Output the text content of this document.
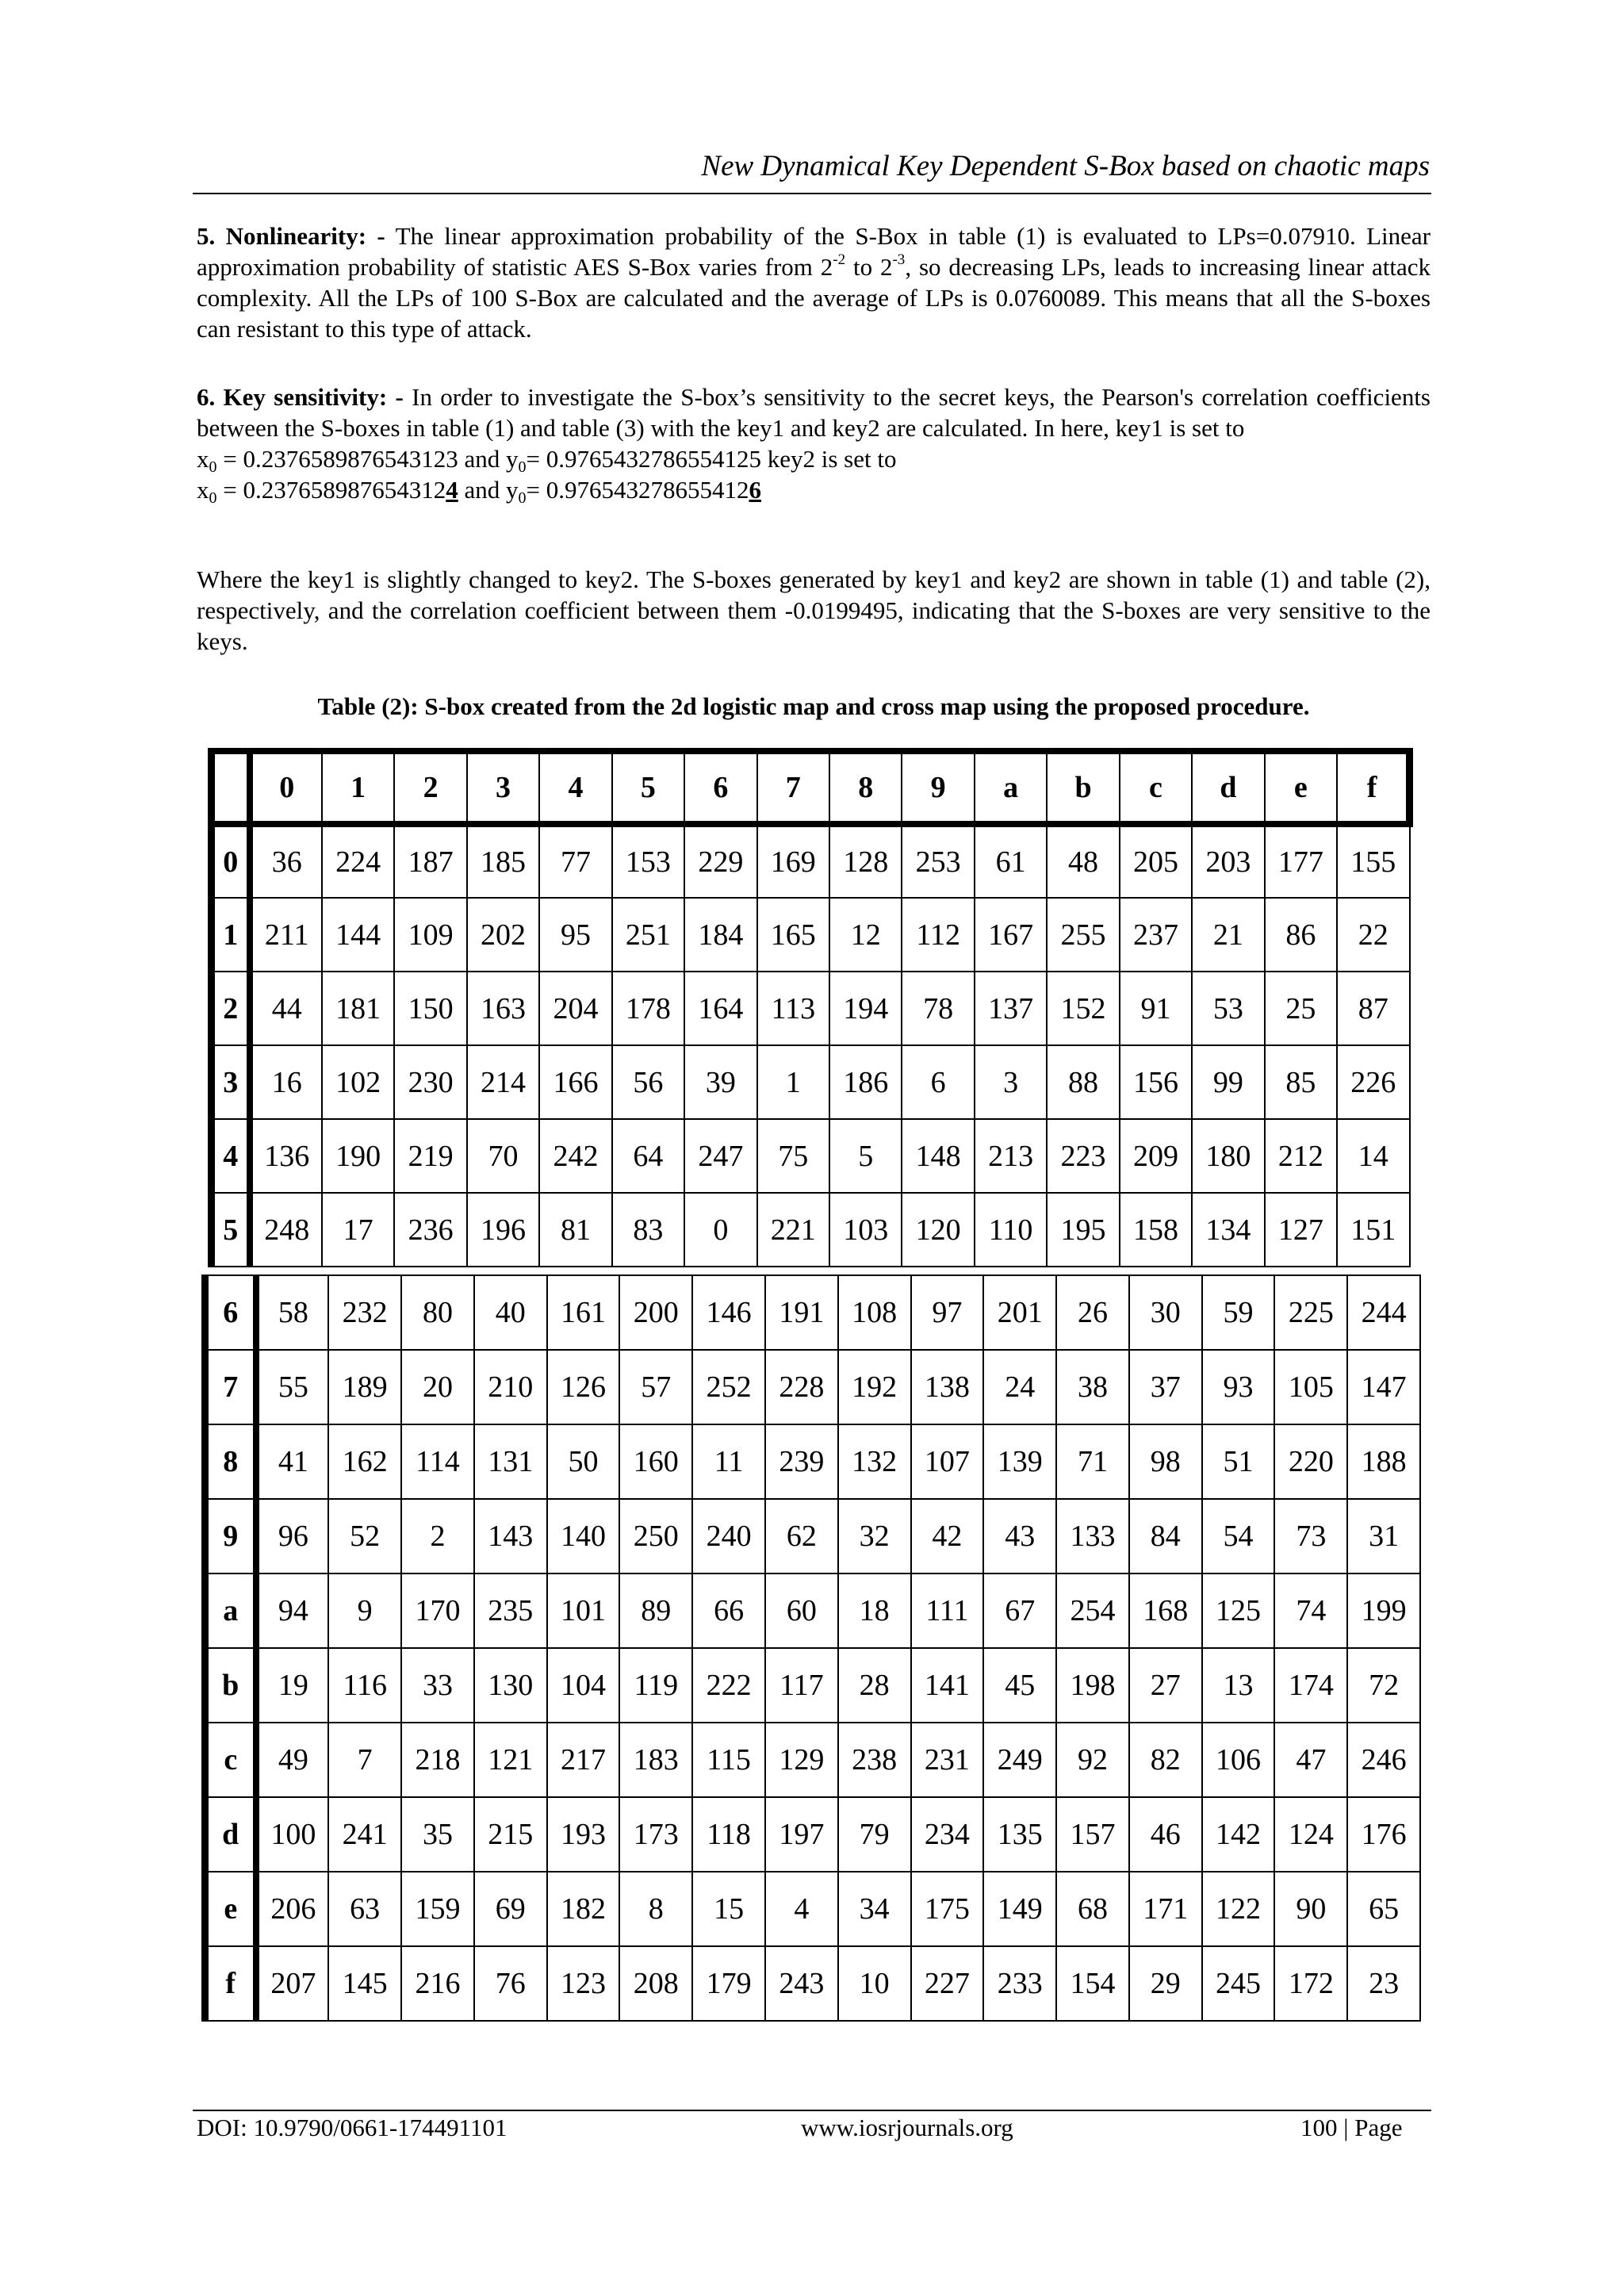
New Dynamical Key Dependent S-Box based on chaotic maps
5. Nonlinearity: - The linear approximation probability of the S-Box in table (1) is evaluated to LPs=0.07910. Linear approximation probability of statistic AES S-Box varies from $2^{-2}$ to $2^{-3}$, so decreasing LPs, leads to increasing linear attack complexity. All the LPs of 100 S-Box are calculated and the average of LPs is 0.0760089. This means that all the S-boxes can resistant to this type of attack.
6. Key sensitivity: - In order to investigate the S-box’s sensitivity to the secret keys, the Pearson's correlation coefficients between the S-boxes in table (1) and table (3) with the key1 and key2 are calculated. In here, key1 is set to
$x_0 = 0.2376589876543123$ and $y_0= 0.9765432786554125$ key2 is set to
$x_0 = 0.2376589876543124$ and $y_0= 0.9765432786554126$
Where the key1 is slightly changed to key2. The S-boxes generated by key1 and key2 are shown in table (1) and table (2), respectively, and the correlation coefficient between them -0.0199495, indicating that the S-boxes are very sensitive to the keys.
Table (2): S-box created from the 2d logistic map and cross map using the proposed procedure.
	0	1	2	3	4	5	6	7	8	9	a	b	c	d	e	f
0	36	224	187	185	77	153	229	169	128	253	61	48	205	203	177	155
1	211	144	109	202	95	251	184	165	12	112	167	255	237	21	86	22
2	44	181	150	163	204	178	164	113	194	78	137	152	91	53	25	87
3	16	102	230	214	166	56	39	1	186	6	3	88	156	99	85	226
4	136	190	219	70	242	64	247	75	5	148	213	223	209	180	212	14
5	248	17	236	196	81	83	0	221	103	120	110	195	158	134	127	151
6	58	232	80	40	161	200	146	191	108	97	201	26	30	59	225	244
7	55	189	20	210	126	57	252	228	192	138	24	38	37	93	105	147
8	41	162	114	131	50	160	11	239	132	107	139	71	98	51	220	188
9	96	52	2	143	140	250	240	62	32	42	43	133	84	54	73	31
a	94	9	170	235	101	89	66	60	18	111	67	254	168	125	74	199
b	19	116	33	130	104	119	222	117	28	141	45	198	27	13	174	72
c	49	7	218	121	217	183	115	129	238	231	249	92	82	106	47	246
d	100	241	35	215	193	173	118	197	79	234	135	157	46	142	124	176
e	206	63	159	69	182	8	15	4	34	175	149	68	171	122	90	65
f	207	145	216	76	123	208	179	243	10	227	233	154	29	245	172	23
DOI: 10.9790/0661-174491101	www.iosrjournals.org	100 | Page
